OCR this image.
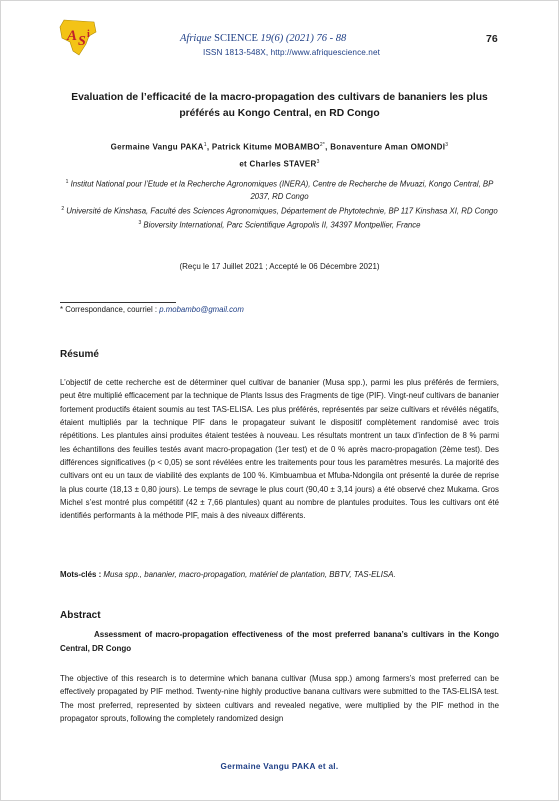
A S i	Afrique SCIENCE 19(6) (2021) 76 - 88
ISSN 1813-548X, http://www.afriquescience.net
76
Evaluation de l’efficacité de la macro-propagation des cultivars de bananiers les plus préférés au Kongo Central, en RD Congo
Germaine Vangu PAKA$^1$, Patrick Kitume $MOBAMBO^{2*}$, Bonaventure Aman OMONDI$^3$
et Charles STAVER$^3$
$^1$ Institut National pour l’Etude et la Recherche Agronomiques (INERA), Centre de Recherche de Mvuazi, Kongo Central, BP 2037, RD Congo
$^2$ Université de Kinshasa, Faculté des Sciences Agronomiques, Département de Phytotechnie, BP 117 Kinshasa XI, RD Congo
$^3$ Bioversity International, Parc Scientifique Agropolis II, 34397 Montpellier, France
(Reçu le 17 Juillet 2021 ; Accepté le 06 Décembre 2021)
* Correspondance, courriel : p.mobambo@gmail.com
Résumé
L’objectif de cette recherche est de déterminer quel cultivar de bananier (Musa spp.), parmi les plus préférés de fermiers, peut être multiplié efficacement par la technique de Plants Issus des Fragments de tige (PIF). Vingt-neuf cultivars de bananier fortement productifs étaient soumis au test TAS-ELISA. Les plus préférés, représentés par seize cultivars et révélés négatifs, étaient multipliés par la technique PIF dans le propagateur suivant le dispositif complètement randomisé avec trois répétitions. Les plantules ainsi produites étaient testées à nouveau. Les résultats montrent un taux d’infection de 8 % parmi les échantillons des feuilles testés avant macro-propagation (1er test) et de 0 % après macro-propagation (2ème test). Des différences significatives (p < 0,05) se sont révélées entre les traitements pour tous les paramètres mesurés. La majorité des cultivars ont eu un taux de viabilité des explants de 100 %. Kimbuambua et Mfuba-Ndongila ont présenté la durée de reprise la plus courte (18,13 ± 0,80 jours). Le temps de sevrage le plus court (90,40 ± 3,14 jours) a été observé chez Mukama. Gros Michel s’est montré plus compétitif (42 ± 7,66 plantules) quant au nombre de plantules produites. Tous les cultivars ont été identifiés performants à la méthode PIF, mais à des niveaux différents.
Mots-clés : Musa spp., bananier, macro-propagation, matériel de plantation, BBTV, TAS-ELISA.
Abstract
Assessment of macro-propagation effectiveness of the most preferred banana’s cultivars in the Kongo Central, DR Congo
The objective of this research is to determine which banana cultivar (Musa spp.) among farmers’s most preferred can be effectively propagated by PIF method. Twenty-nine highly productive banana cultivars were submitted to the TAS-ELISA test. The most preferred, represented by sixteen cultivars and revealed negative, were multiplied by the PIF method in the propagator sprouts, following the completely randomized design
Germaine Vangu PAKA et al.
